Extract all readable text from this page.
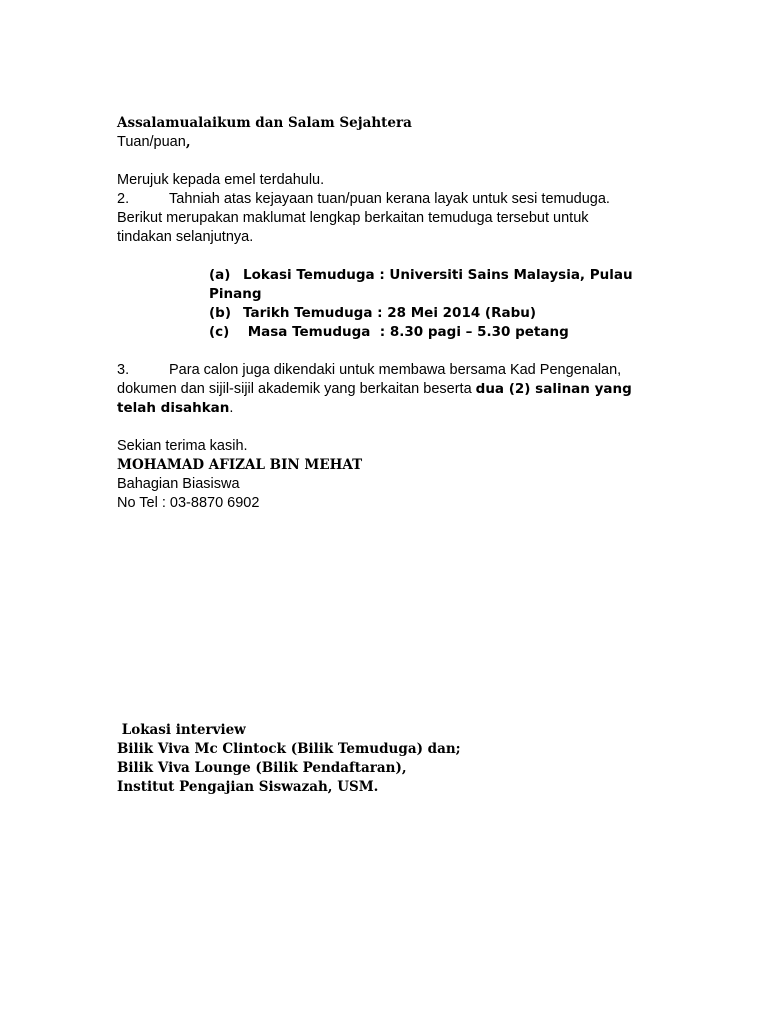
Assalamualaikum dan Salam Sejahtera
Tuan/puan,
Merujuk kepada emel terdahulu.
2.	Tahniah atas kejayaan tuan/puan kerana layak untuk sesi temuduga.
Berikut merupakan maklumat lengkap berkaitan temuduga tersebut untuk
tindakan selanjutnya.
(a) Lokasi Temuduga : Universiti Sains Malaysia, Pulau
Pinang
(b) Tarikh Temuduga : 28 Mei 2014 (Rabu)
(c) Masa Temuduga  : 8.30 pagi – 5.30 petang
3.	Para calon juga dikendaki untuk membawa bersama Kad Pengenalan,
dokumen dan sijil-sijil akademik yang berkaitan beserta dua (2) salinan yang
telah disahkan.
Sekian terima kasih.
MOHAMAD AFIZAL BIN MEHAT
Bahagian Biasiswa
No Tel : 03-8870 6902
Lokasi interview
Bilik Viva Mc Clintock (Bilik Temuduga) dan;
Bilik Viva Lounge (Bilik Pendaftaran),
Institut Pengajian Siswazah, USM.
